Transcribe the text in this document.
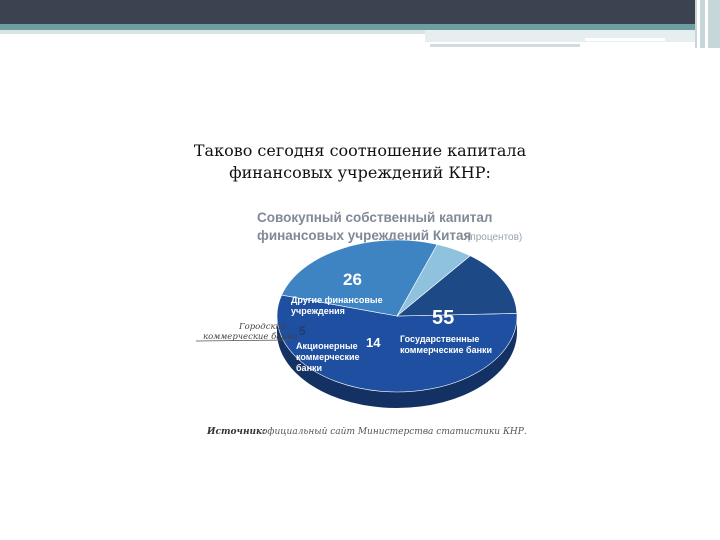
Таково сегодня соотношение капитала
финансовых учреждений КНР:
Совокупный собственный капитал
финансовых учреждений Китая
(процентов)
55
Государственные
коммерческие банки
26
Другие финансовые
учреждения
5
14
Акционерные
коммерческие
банки
Городские
коммерческие банки
Источник:
официальный сайт Министерства статистики КНР.
